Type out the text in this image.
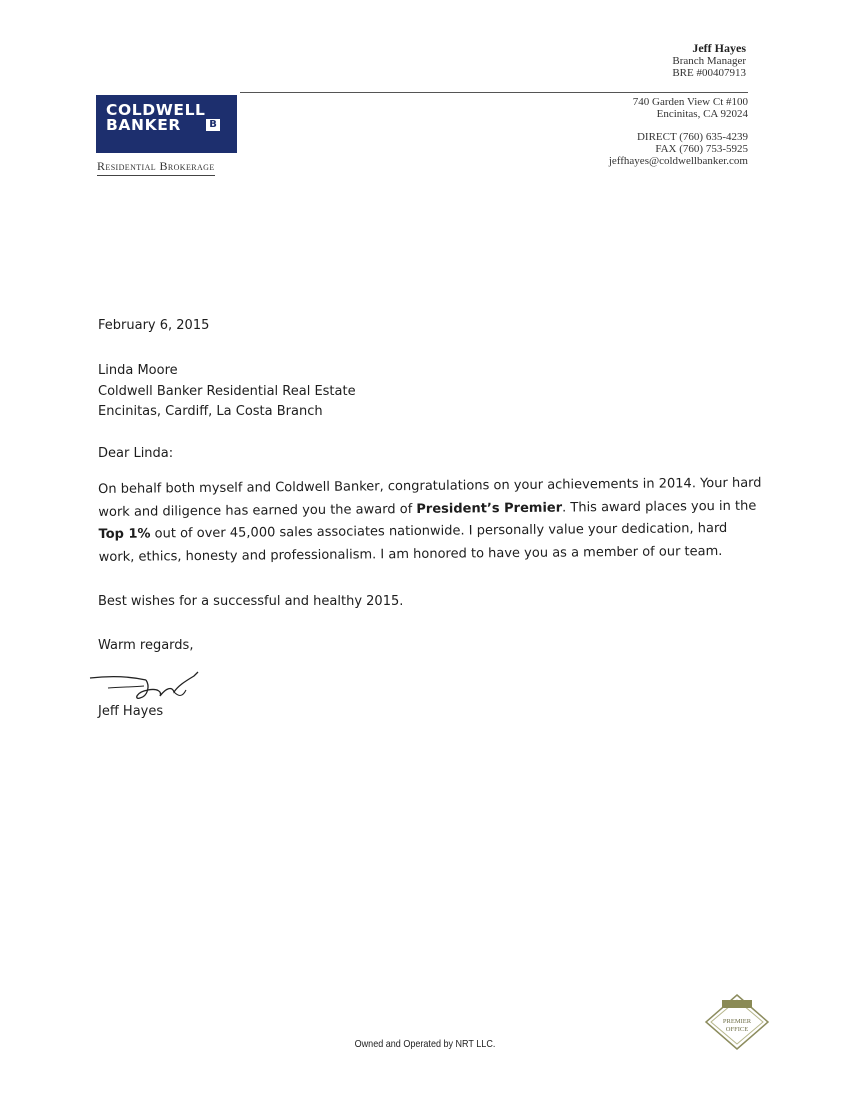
Jeff Hayes
Branch Manager
BRE #00407913
740 Garden View Ct #100
Encinitas, CA 92024
DIRECT (760) 635-4239
FAX (760) 753-5925
jeffhayes@coldwellbanker.com
COLDWELL
BANKER	B
Residential Brokerage
February 6, 2015
Linda Moore
Coldwell Banker Residential Real Estate
Encinitas, Cardiff, La Costa Branch
Dear Linda:
On behalf both myself and Coldwell Banker, congratulations on your achievements in 2014. Your hard work and diligence has earned you the award of President’s Premier. This award places you in the Top 1% out of over 45,000 sales associates nationwide. I personally value your dedication, hard work, ethics, honesty and professionalism. I am honored to have you as a member of our team.
Best wishes for a successful and healthy 2015.
Warm regards,
Jeff Hayes
Owned and Operated by NRT LLC.
PREMIER
OFFICE
